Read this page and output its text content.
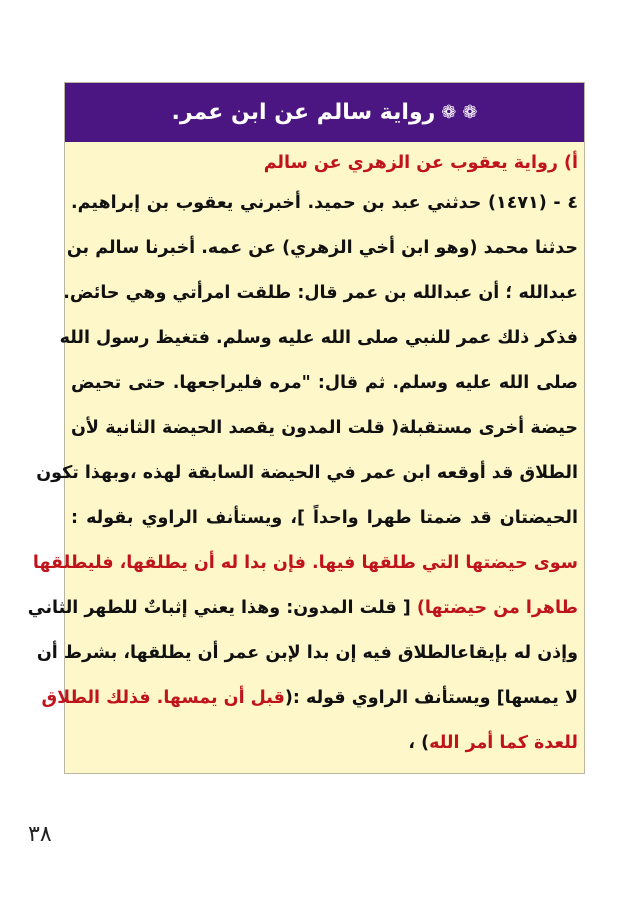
❁
❁
رواية سالم عن ابن عمر.
أ) رواية يعقوب عن الزهري عن سالم
٤ - (١٤٧١) حدثني عبد بن حميد. أخبرني يعقوب بن إبراهيم.
حدثنا محمد (وهو ابن أخي الزهري) عن عمه. أخبرنا سالم بن
عبدالله ؛ أن عبدالله بن عمر قال: طلقت امرأتي وهي حائض.
فذكر ذلك عمر للنبي صلى الله عليه وسلم. فتغيظ رسول الله
صلى الله عليه وسلم. ثم قال: "مره فليراجعها. حتى تحيض
حيضة أخرى مستقبلة( قلت المدون يقصد الحيضة الثانية لأن
الطلاق قد أوقعه ابن عمر في الحيضة السابقة لهذه ،وبهذا تكون
الحيضتان قد ضمتا طهرا واحداً ]، ويستأنف الراوي بقوله :
سوى حيضتها التي طلقها فيها. فإن بدا له أن يطلقها، فليطلقها
طاهرا من حيضتها) [ قلت المدون: وهذا يعني إثباتٌ للطهر الثاني
وإذن له بإيقاعالطلاق فيه إن بدا لإبن عمر أن يطلقها، بشرط أن
لا يمسها] ويستأنف الراوي قوله :(قبل أن يمسها. فذلك الطلاق
للعدة كما أمر الله) ،
٣٨
